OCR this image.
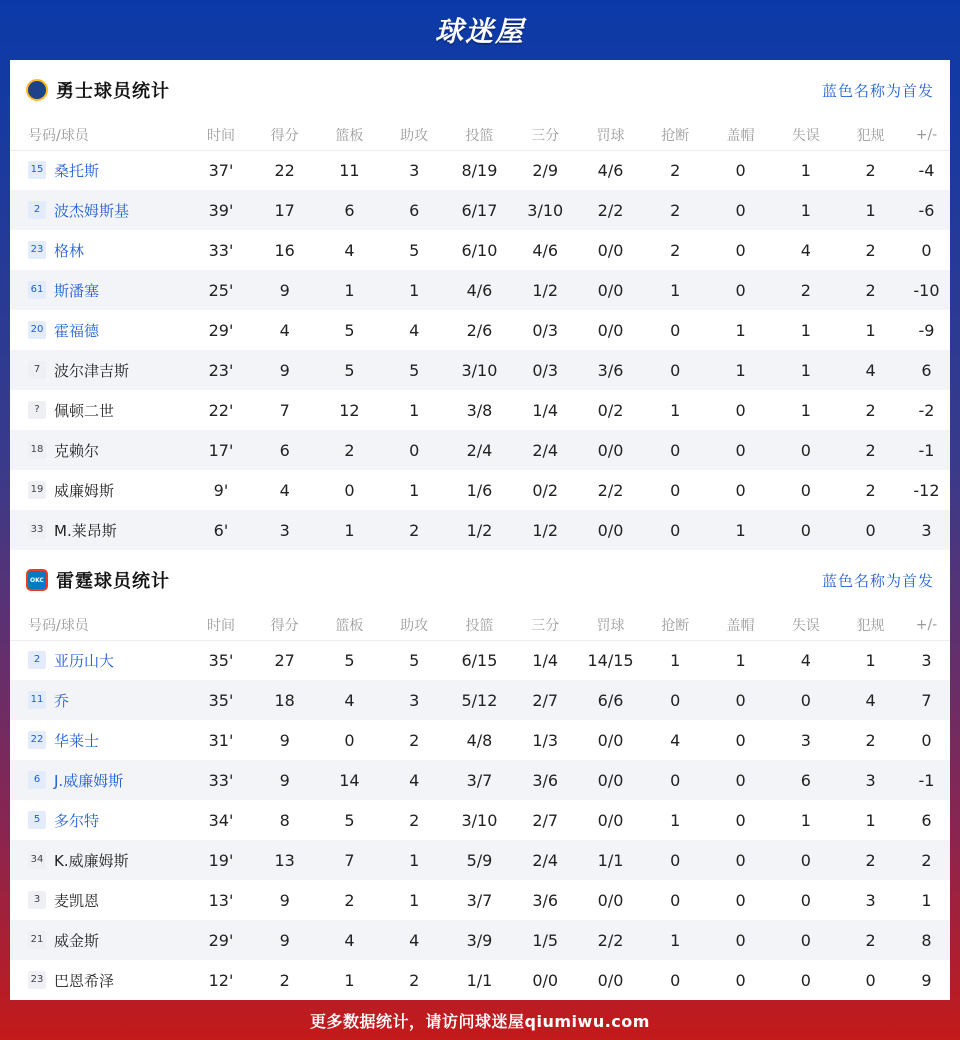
球迷屋
勇士球员统计	蓝色名称为首发
号码/球员	时间	得分	篮板	助攻	投篮	三分	罚球	抢断	盖帽	失误	犯规	+/-
15 桑托斯	37'	22	11	3	8/19	2/9	4/6	2	0	1	2	-4
2 波杰姆斯基	39'	17	6	6	6/17	3/10	2/2	2	0	1	1	-6
23 格林	33'	16	4	5	6/10	4/6	0/0	2	0	4	2	0
61 斯潘塞	25'	9	1	1	4/6	1/2	0/0	1	0	2	2	-10
20 霍福德	29'	4	5	4	2/6	0/3	0/0	0	1	1	1	-9
7 波尔津吉斯	23'	9	5	5	3/10	0/3	3/6	0	1	1	4	6
? 佩顿二世	22'	7	12	1	3/8	1/4	0/2	1	0	1	2	-2
18 克赖尔	17'	6	2	0	2/4	2/4	0/0	0	0	0	2	-1
19 威廉姆斯	9'	4	0	1	1/6	0/2	2/2	0	0	0	2	-12
33 M.莱昂斯	6'	3	1	2	1/2	1/2	0/0	0	1	0	0	3
OKC 雷霆球员统计	蓝色名称为首发
号码/球员	时间	得分	篮板	助攻	投篮	三分	罚球	抢断	盖帽	失误	犯规	+/-
2 亚历山大	35'	27	5	5	6/15	1/4	14/15	1	1	4	1	3
11 乔	35'	18	4	3	5/12	2/7	6/6	0	0	0	4	7
22 华莱士	31'	9	0	2	4/8	1/3	0/0	4	0	3	2	0
6 J.威廉姆斯	33'	9	14	4	3/7	3/6	0/0	0	0	6	3	-1
5 多尔特	34'	8	5	2	3/10	2/7	0/0	1	0	1	1	6
34 K.威廉姆斯	19'	13	7	1	5/9	2/4	1/1	0	0	0	2	2
3 麦凯恩	13'	9	2	1	3/7	3/6	0/0	0	0	0	3	1
21 威金斯	29'	9	4	4	3/9	1/5	2/2	1	0	0	2	8
23 巴恩希泽	12'	2	1	2	1/1	0/0	0/0	0	0	0	0	9
更多数据统计，请访问球迷屋qiumiwu.com
